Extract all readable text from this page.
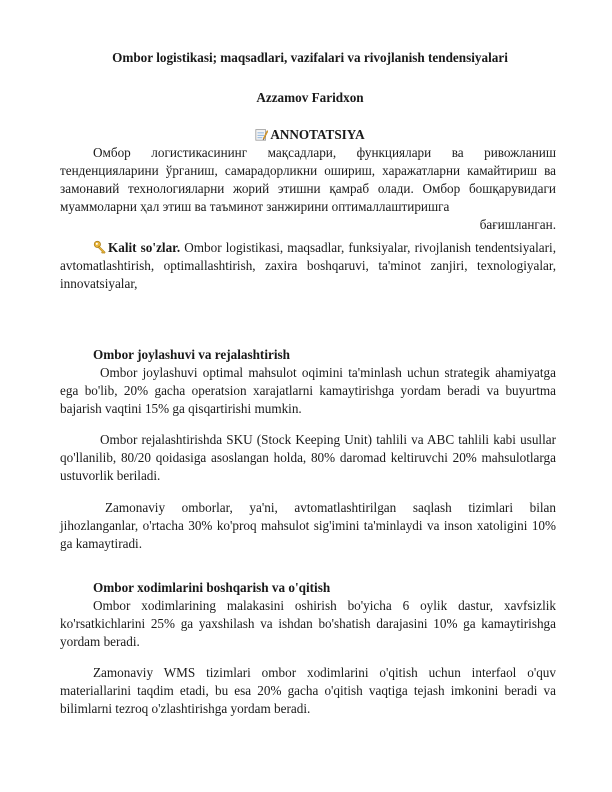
Ombor logistikasi; maqsadlari, vazifalari va rivojlanish tendensiyalari
Azzamov Faridxon
ANNOTATSIYA

Омбор логистикасининг мақсадлари, функциялари ва ривожланиш тенденцияларини ўрганиш, самарадорликни ошириш, харажатларни камайтириш ва замонавий технологияларни жорий этишни қамраб олади. Омбор бошқарувидаги муаммоларни ҳал этиш ва таъминот занжирини оптималлаштиришга

бағишланган.

Kalit so'zlar. Ombor logistikasi, maqsadlar, funksiyalar, rivojlanish tendentsiyalari, avtomatlashtirish, optimallashtirish, zaxira boshqaruvi, ta'minot zanjiri, texnologiyalar, innovatsiyalar,

Ombor joylashuvi va rejalashtirish

Ombor joylashuvi optimal mahsulot oqimini ta'minlash uchun strategik ahamiyatga ega bo'lib, 20% gacha operatsion xarajatlarni kamaytirishga yordam beradi va buyurtma bajarish vaqtini 15% ga qisqartirishi mumkin.

Ombor rejalashtirishda SKU (Stock Keeping Unit) tahlili va ABC tahlili kabi usullar qo'llanilib, 80/20 qoidasiga asoslangan holda, 80% daromad keltiruvchi 20% mahsulotlarga ustuvorlik beriladi.

Zamonaviy omborlar, ya'ni, avtomatlashtirilgan saqlash tizimlari bilan jihozlanganlar, o'rtacha 30% ko'proq mahsulot sig'imini ta'minlaydi va inson xatoligini 10% ga kamaytiradi.

Ombor xodimlarini boshqarish va o'qitish

Ombor xodimlarining malakasini oshirish bo'yicha 6 oylik dastur, xavfsizlik ko'rsatkichlarini 25% ga yaxshilash va ishdan bo'shatish darajasini 10% ga kamaytirishga yordam beradi.

Zamonaviy WMS tizimlari ombor xodimlarini o'qitish uchun interfaol o'quv materiallarini taqdim etadi, bu esa 20% gacha o'qitish vaqtiga tejash imkonini beradi va bilimlarni tezroq o'zlashtirishga yordam beradi.
